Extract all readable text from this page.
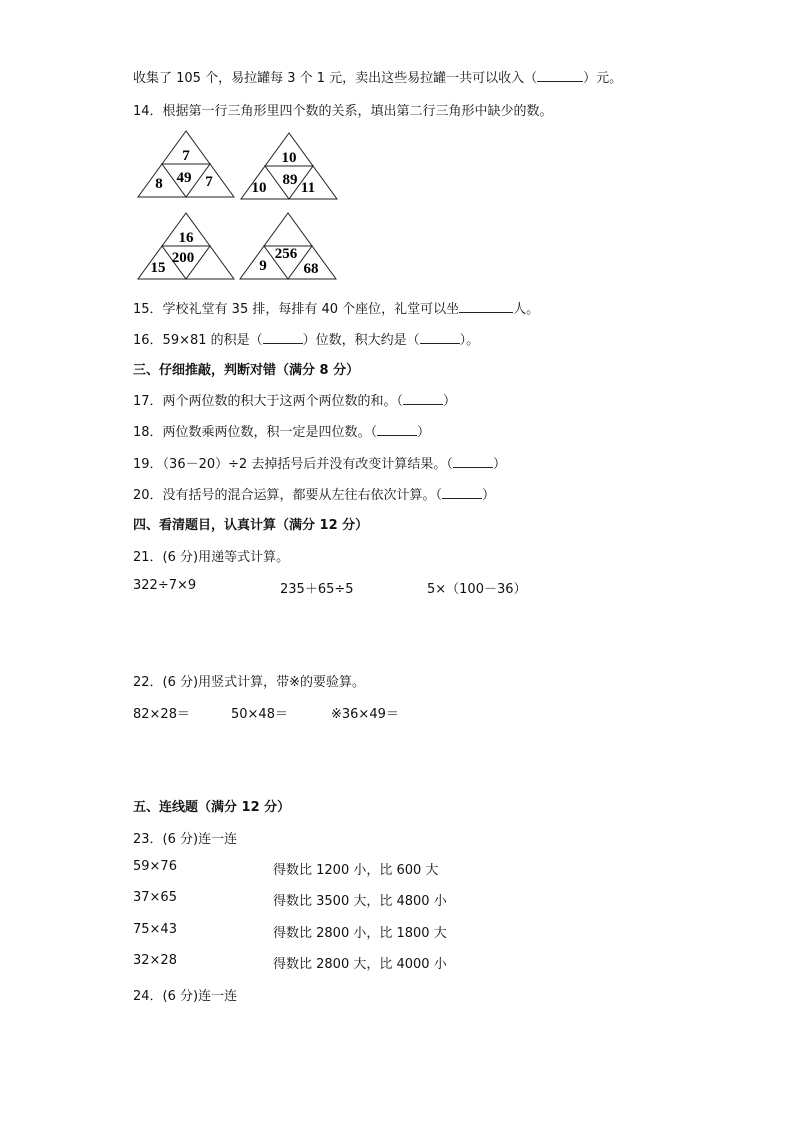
收集了 105 个，易拉罐每 3 个 1 元，卖出这些易拉罐一共可以收入（	）元。
14．根据第一行三角形里四个数的关系，填出第二行三角形中缺少的数。
7
49
8	7
10
89
10 11
16
200
15
256
9 68
15．学校礼堂有 35 排，每排有 40 个座位，礼堂可以坐	人。
16．59×81 的积是（	）位数，积大约是（	）。
三、仔细推敲，判断对错（满分 8 分）
17．两个两位数的积大于这两个两位数的和。（	）
18．两位数乘两位数，积一定是四位数。（	）
19．（36－20）÷2 去掉括号后并没有改变计算结果。（	）
20．没有括号的混合运算，都要从左往右依次计算。（	）
四、看清题目，认真计算（满分 12 分）
21．(6 分)用递等式计算。
322÷7×9	235＋65÷5	5×（100－36）
22．(6 分)用竖式计算，带※的要验算。
82×28＝	50×48＝	※36×49＝
五、连线题（满分 12 分）
23．(6 分)连一连
59×76	得数比 1200 小，比 600 大
37×65	得数比 3500 大，比 4800 小
75×43	得数比 2800 小，比 1800 大
32×28	得数比 2800 大，比 4000 小
24．(6 分)连一连
